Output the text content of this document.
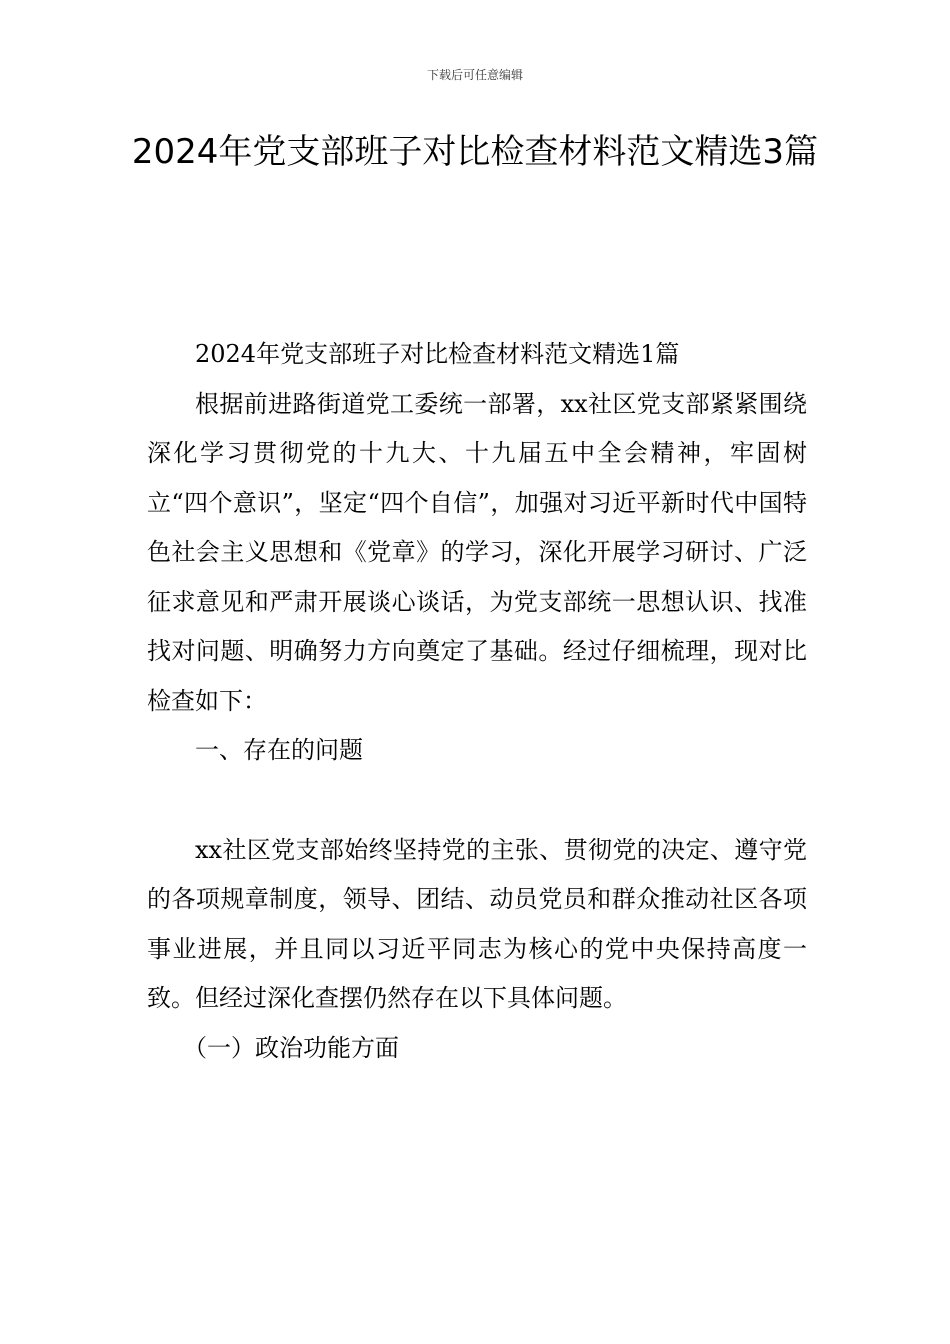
下载后可任意编辑
2024年党支部班子对比检查材料范文精选3篇

2024年党支部班子对比检查材料范文精选1篇

根据前进路街道党工委统一部署，xx社区党支部紧紧围绕深化学习贯彻党的十九大、十九届五中全会精神，牢固树立“四个意识”，坚定“四个自信”，加强对习近平新时代中国特色社会主义思想和《党章》的学习，深化开展学习研讨、广泛征求意见和严肃开展谈心谈话，为党支部统一思想认识、找准找对问题、明确努力方向奠定了基础。经过仔细梳理，现对比检查如下：

一、存在的问题

xx社区党支部始终坚持党的主张、贯彻党的决定、遵守党的各项规章制度，领导、团结、动员党员和群众推动社区各项事业进展，并且同以习近平同志为核心的党中央保持高度一致。但经过深化查摆仍然存在以下具体问题。

（一）政治功能方面
